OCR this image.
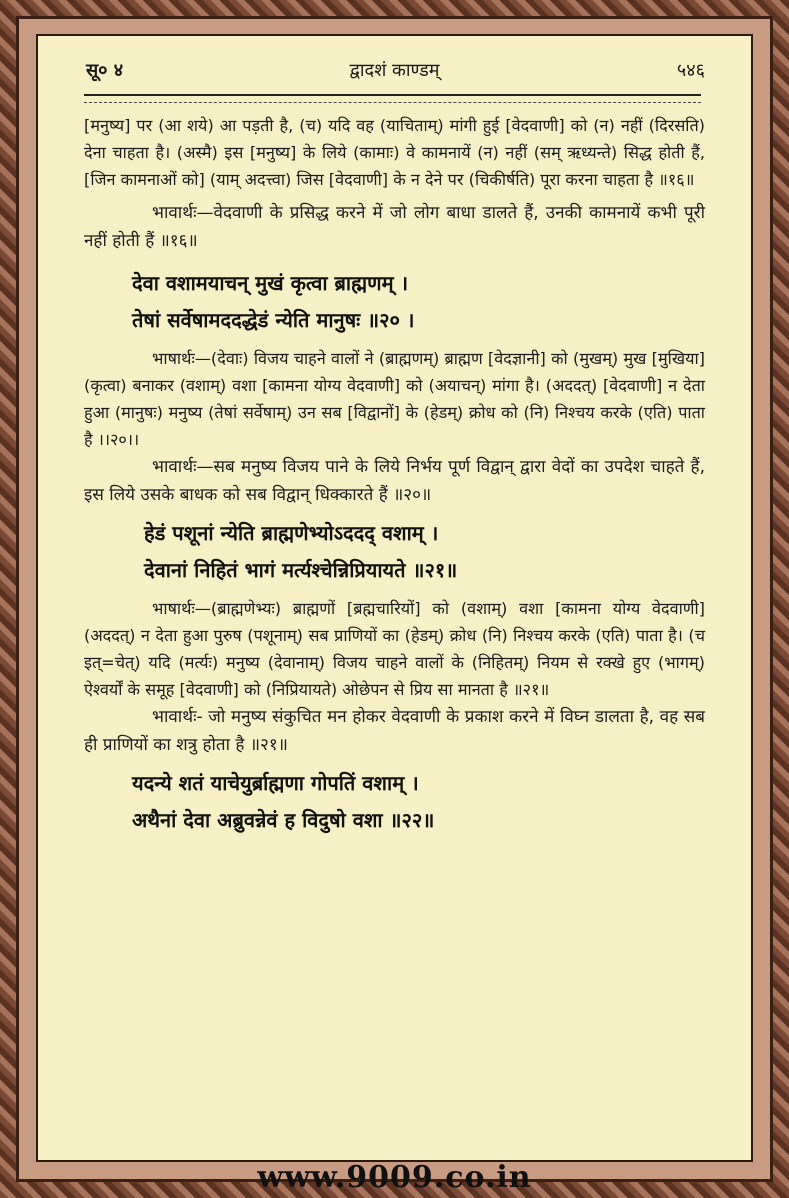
सू० ४	द्वादशं काण्डम्	५४६

[मनुष्य] पर (आ शये) आ पड़ती है, (च) यदि वह (याचिताम्) मांगी हुई [वेदवाणी] को (न) नहीं (दिरसति) देना चाहता है। (अस्मै) इस [मनुष्य] के लिये (कामाः) वे कामनायें (न) नहीं (सम् ऋध्यन्ते) सिद्ध होती हैं, [जिन कामनाओं को] (याम् अदत्त्वा) जिस [वेदवाणी] के न देने पर (चिकीर्षति) पूरा करना चाहता है ॥१६॥

भावार्थः—वेदवाणी के प्रसिद्ध करने में जो लोग बाधा डालते हैं, उनकी कामनायें कभी पूरी नहीं होती हैं ॥१६॥

देवा वशामयाचन् मुखं कृत्वा ब्राह्मणम् ।

तेषां सर्वेषामददद्धेडं न्येति मानुषः ॥२० ।

भाषार्थः—(देवाः) विजय चाहने वालों ने (ब्राह्मणम्) ब्राह्मण [वेदज्ञानी] को (मुखम्) मुख [मुखिया] (कृत्वा) बनाकर (वशाम्) वशा [कामना योग्य वेदवाणी] को (अयाचन्) मांगा है। (अददत्) [वेदवाणी] न देता हुआ (मानुषः) मनुष्य (तेषां सर्वेषाम्) उन सब [विद्वानों] के (हेडम्) क्रोध को (नि) निश्चय करके (एति) पाता है ।।२०।।

भावार्थः—सब मनुष्य विजय पाने के लिये निर्भय पूर्ण विद्वान् द्वारा वेदों का उपदेश चाहते हैं, इस लिये उसके बाधक को सब विद्वान् धिक्कारते हैं ॥२०॥

हेडं पशूनां न्येति ब्राह्मणेभ्योऽददद् वशाम् ।

देवानां निहितं भागं मर्त्यश्चेन्निप्रियायते ॥२१॥

भाषार्थः—(ब्राह्मणेभ्यः) ब्राह्मणों [ब्रह्मचारियों] को (वशाम्) वशा [कामना योग्य वेदवाणी] (अददत्) न देता हुआ पुरुष (पशूनाम्) सब प्राणियों का (हेडम्) क्रोध (नि) निश्चय करके (एति) पाता है। (च इत्=चेत्) यदि (मर्त्यः) मनुष्य (देवानाम्) विजय चाहने वालों के (निहितम्) नियम से रक्खे हुए (भागम्) ऐश्वर्यों के समूह [वेदवाणी] को (निप्रियायते) ओछेपन से प्रिय सा मानता है ॥२१॥

भावार्थः- जो मनुष्य संकुचित मन होकर वेदवाणी के प्रकाश करने में विघ्न डालता है, वह सब ही प्राणियों का शत्रु होता है ॥२१॥

यदन्ये शतं याचेयुर्ब्राह्मणा गोपतिं वशाम् ।

अथैनां देवा अब्रुवन्नेवं ह विदुषो वशा ॥२२॥

www.9009.co.in
